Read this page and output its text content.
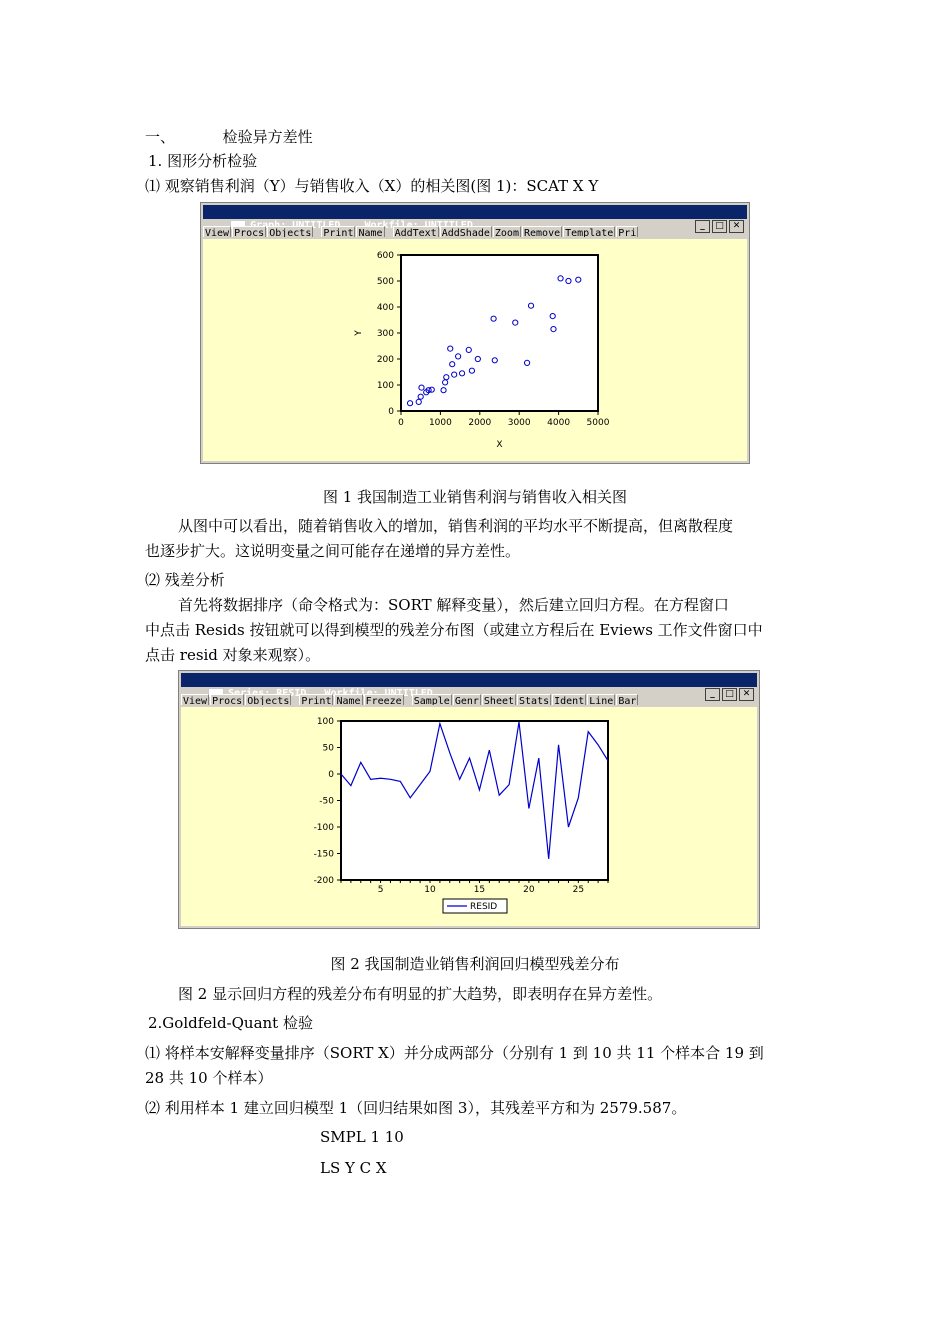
一、	检验异方差性
1. 图形分析检验
⑴ 观察销售利润（Y）与销售收入（X）的相关图(图 1)：SCAT X Y

UNTITLED    Workfile:
	_ □ ✕

View Procs Objects Print Name AddText AddShade Zoom Remove Template Pri
0
100
200
300
400
500
600
0	1000 2000 3000 4000 5000
X
Y
图 1 我国制造工业销售利润与销售收入相关图
从图中可以看出，随着销售收入的增加，销售利润的平均水平不断提高，但离散程度
也逐步扩大。这说明变量之间可能存在递增的异方差性。
⑵ 残差分析
首先将数据排序（命令格式为：SORT 解释变量），然后建立回归方程。在方程窗口
中点击 Resids 按钮就可以得到模型的残差分布图（或建立方程后在 Eviews 工作文件窗口中
点击 resid 对象来观察）。

UNTITLED
	_ □ ✕

View Procs Objects Print Name Freeze Sample Genr Sheet Stats Ident Line Bar
100
50
0
-50
-100
-150
-200
5	10	15	20	25
RESID
图 2 我国制造业销售利润回归模型残差分布
图 2 显示回归方程的残差分布有明显的扩大趋势，即表明存在异方差性。
2.Goldfeld-Quant 检验
⑴ 将样本安解释变量排序（SORT X）并分成两部分（分别有 1 到 10 共 11 个样本合 19 到
28 共 10 个样本）
⑵ 利用样本 1 建立回归模型 1（回归结果如图 3），其残差平方和为 2579.587。
SMPL 1 10
LS Y C X
